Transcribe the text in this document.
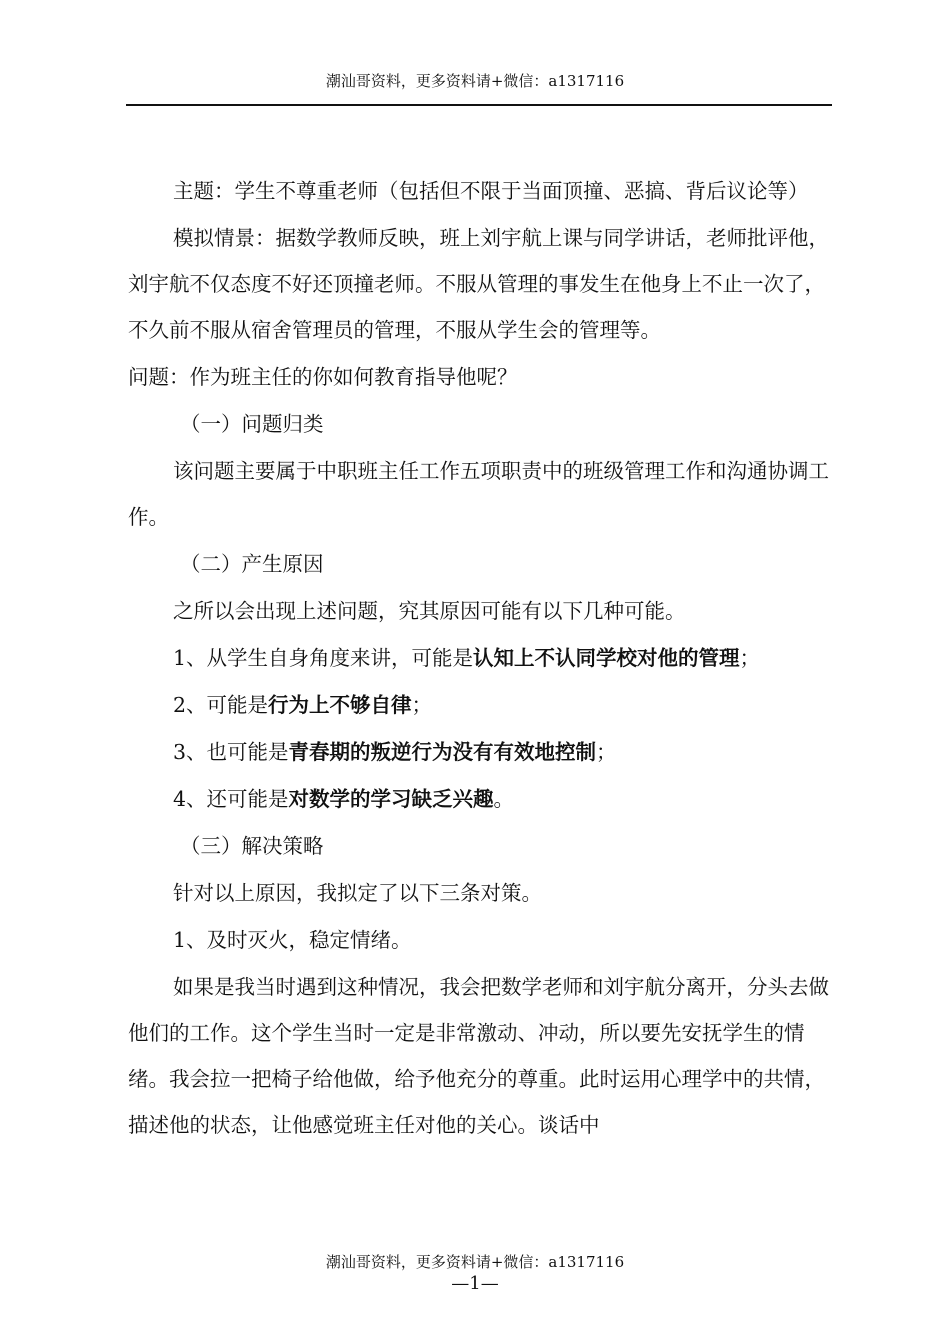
潮汕哥资料，更多资料请+微信：a1317116

主题：学生不尊重老师（包括但不限于当面顶撞、恶搞、背后议论等）

模拟情景：据数学教师反映，班上刘宇航上课与同学讲话，老师批评他，刘宇航不仅态度不好还顶撞老师。不服从管理的事发生在他身上不止一次了，不久前不服从宿舍管理员的管理，不服从学生会的管理等。

问题：作为班主任的你如何教育指导他呢？

（一）问题归类

该问题主要属于中职班主任工作五项职责中的班级管理工作和沟通协调工作。

（二）产生原因

之所以会出现上述问题，究其原因可能有以下几种可能。

1、从学生自身角度来讲，可能是认知上不认同学校对他的管理；

2、可能是行为上不够自律；

3、也可能是青春期的叛逆行为没有有效地控制；

4、还可能是对数学的学习缺乏兴趣。

（三）解决策略

针对以上原因，我拟定了以下三条对策。

1、及时灭火，稳定情绪。

如果是我当时遇到这种情况，我会把数学老师和刘宇航分离开，分头去做他们的工作。这个学生当时一定是非常激动、冲动，所以要先安抚学生的情绪。我会拉一把椅子给他做，给予他充分的尊重。此时运用心理学中的共情，描述他的状态，让他感觉班主任对他的关心。谈话中

潮汕哥资料，更多资料请+微信：a1317116
—1—
